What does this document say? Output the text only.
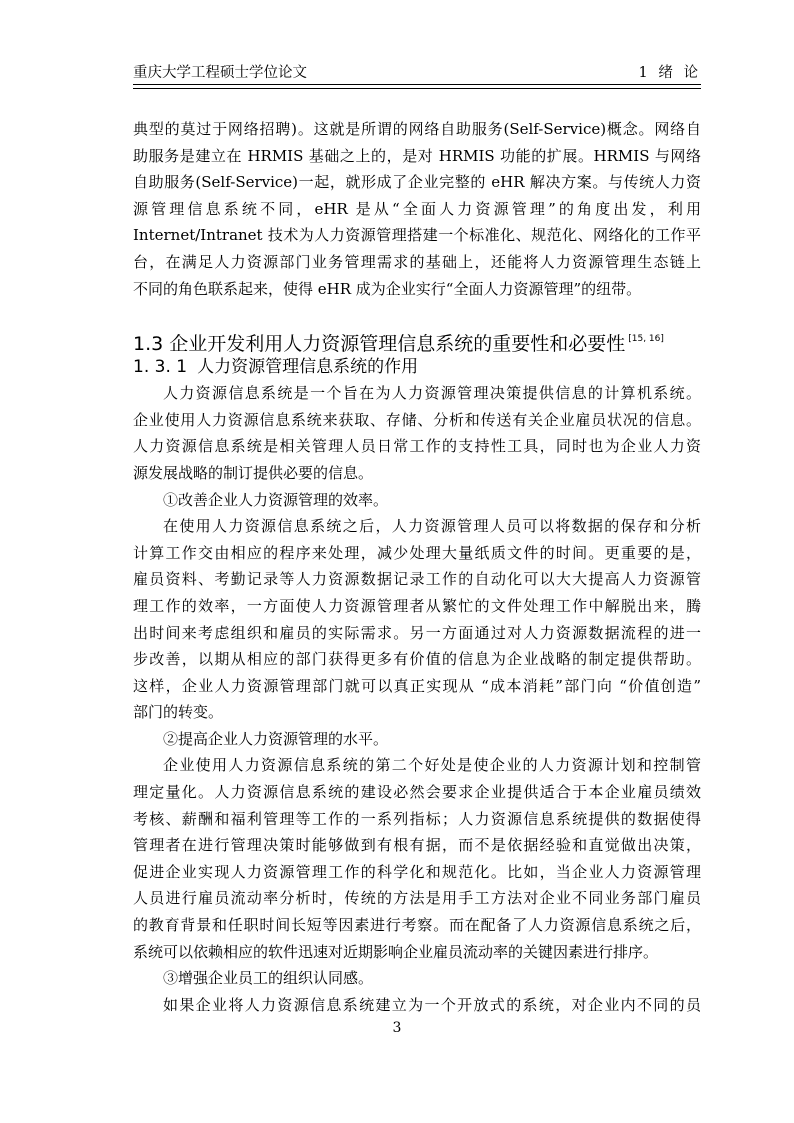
重庆大学工程硕士学位论文	1 绪 论
典型的莫过于网络招聘)。这就是所谓的网络自助服务(Self-Service)概念。网络自
助服务是建立在 HRMIS 基础之上的，是对 HRMIS 功能的扩展。HRMIS 与网络
自助服务(Self-Service)一起，就形成了企业完整的 eHR 解决方案。与传统人力资
源管理信息系统不同，eHR 是从“全面人力资源管理”的角度出发，利用
Internet/Intranet 技术为人力资源管理搭建一个标准化、规范化、网络化的工作平
台，在满足人力资源部门业务管理需求的基础上，还能将人力资源管理生态链上
不同的角色联系起来，使得 eHR 成为企业实行“全面人力资源管理”的纽带。
1.3 企业开发利用人力资源管理信息系统的重要性和必要性 [15, 16]
1. 3. 1 人力资源管理信息系统的作用
人力资源信息系统是一个旨在为人力资源管理决策提供信息的计算机系统。
企业使用人力资源信息系统来获取、存储、分析和传送有关企业雇员状况的信息。
人力资源信息系统是相关管理人员日常工作的支持性工具，同时也为企业人力资
源发展战略的制订提供必要的信息。
①改善企业人力资源管理的效率。
在使用人力资源信息系统之后，人力资源管理人员可以将数据的保存和分析
计算工作交由相应的程序来处理，减少处理大量纸质文件的时间。更重要的是，
雇员资料、考勤记录等人力资源数据记录工作的自动化可以大大提高人力资源管
理工作的效率，一方面使人力资源管理者从繁忙的文件处理工作中解脱出来，腾
出时间来考虑组织和雇员的实际需求。另一方面通过对人力资源数据流程的进一
步改善，以期从相应的部门获得更多有价值的信息为企业战略的制定提供帮助。
这样，企业人力资源管理部门就可以真正实现从 “成本消耗”部门向 “价值创造”
部门的转变。
②提高企业人力资源管理的水平。
企业使用人力资源信息系统的第二个好处是使企业的人力资源计划和控制管
理定量化。人力资源信息系统的建设必然会要求企业提供适合于本企业雇员绩效
考核、薪酬和福利管理等工作的一系列指标；人力资源信息系统提供的数据使得
管理者在进行管理决策时能够做到有根有据，而不是依据经验和直觉做出决策，
促进企业实现人力资源管理工作的科学化和规范化。比如，当企业人力资源管理
人员进行雇员流动率分析时，传统的方法是用手工方法对企业不同业务部门雇员
的教育背景和任职时间长短等因素进行考察。而在配备了人力资源信息系统之后，
系统可以依赖相应的软件迅速对近期影响企业雇员流动率的关键因素进行排序。
③增强企业员工的组织认同感。
如果企业将人力资源信息系统建立为一个开放式的系统，对企业内不同的员
3
